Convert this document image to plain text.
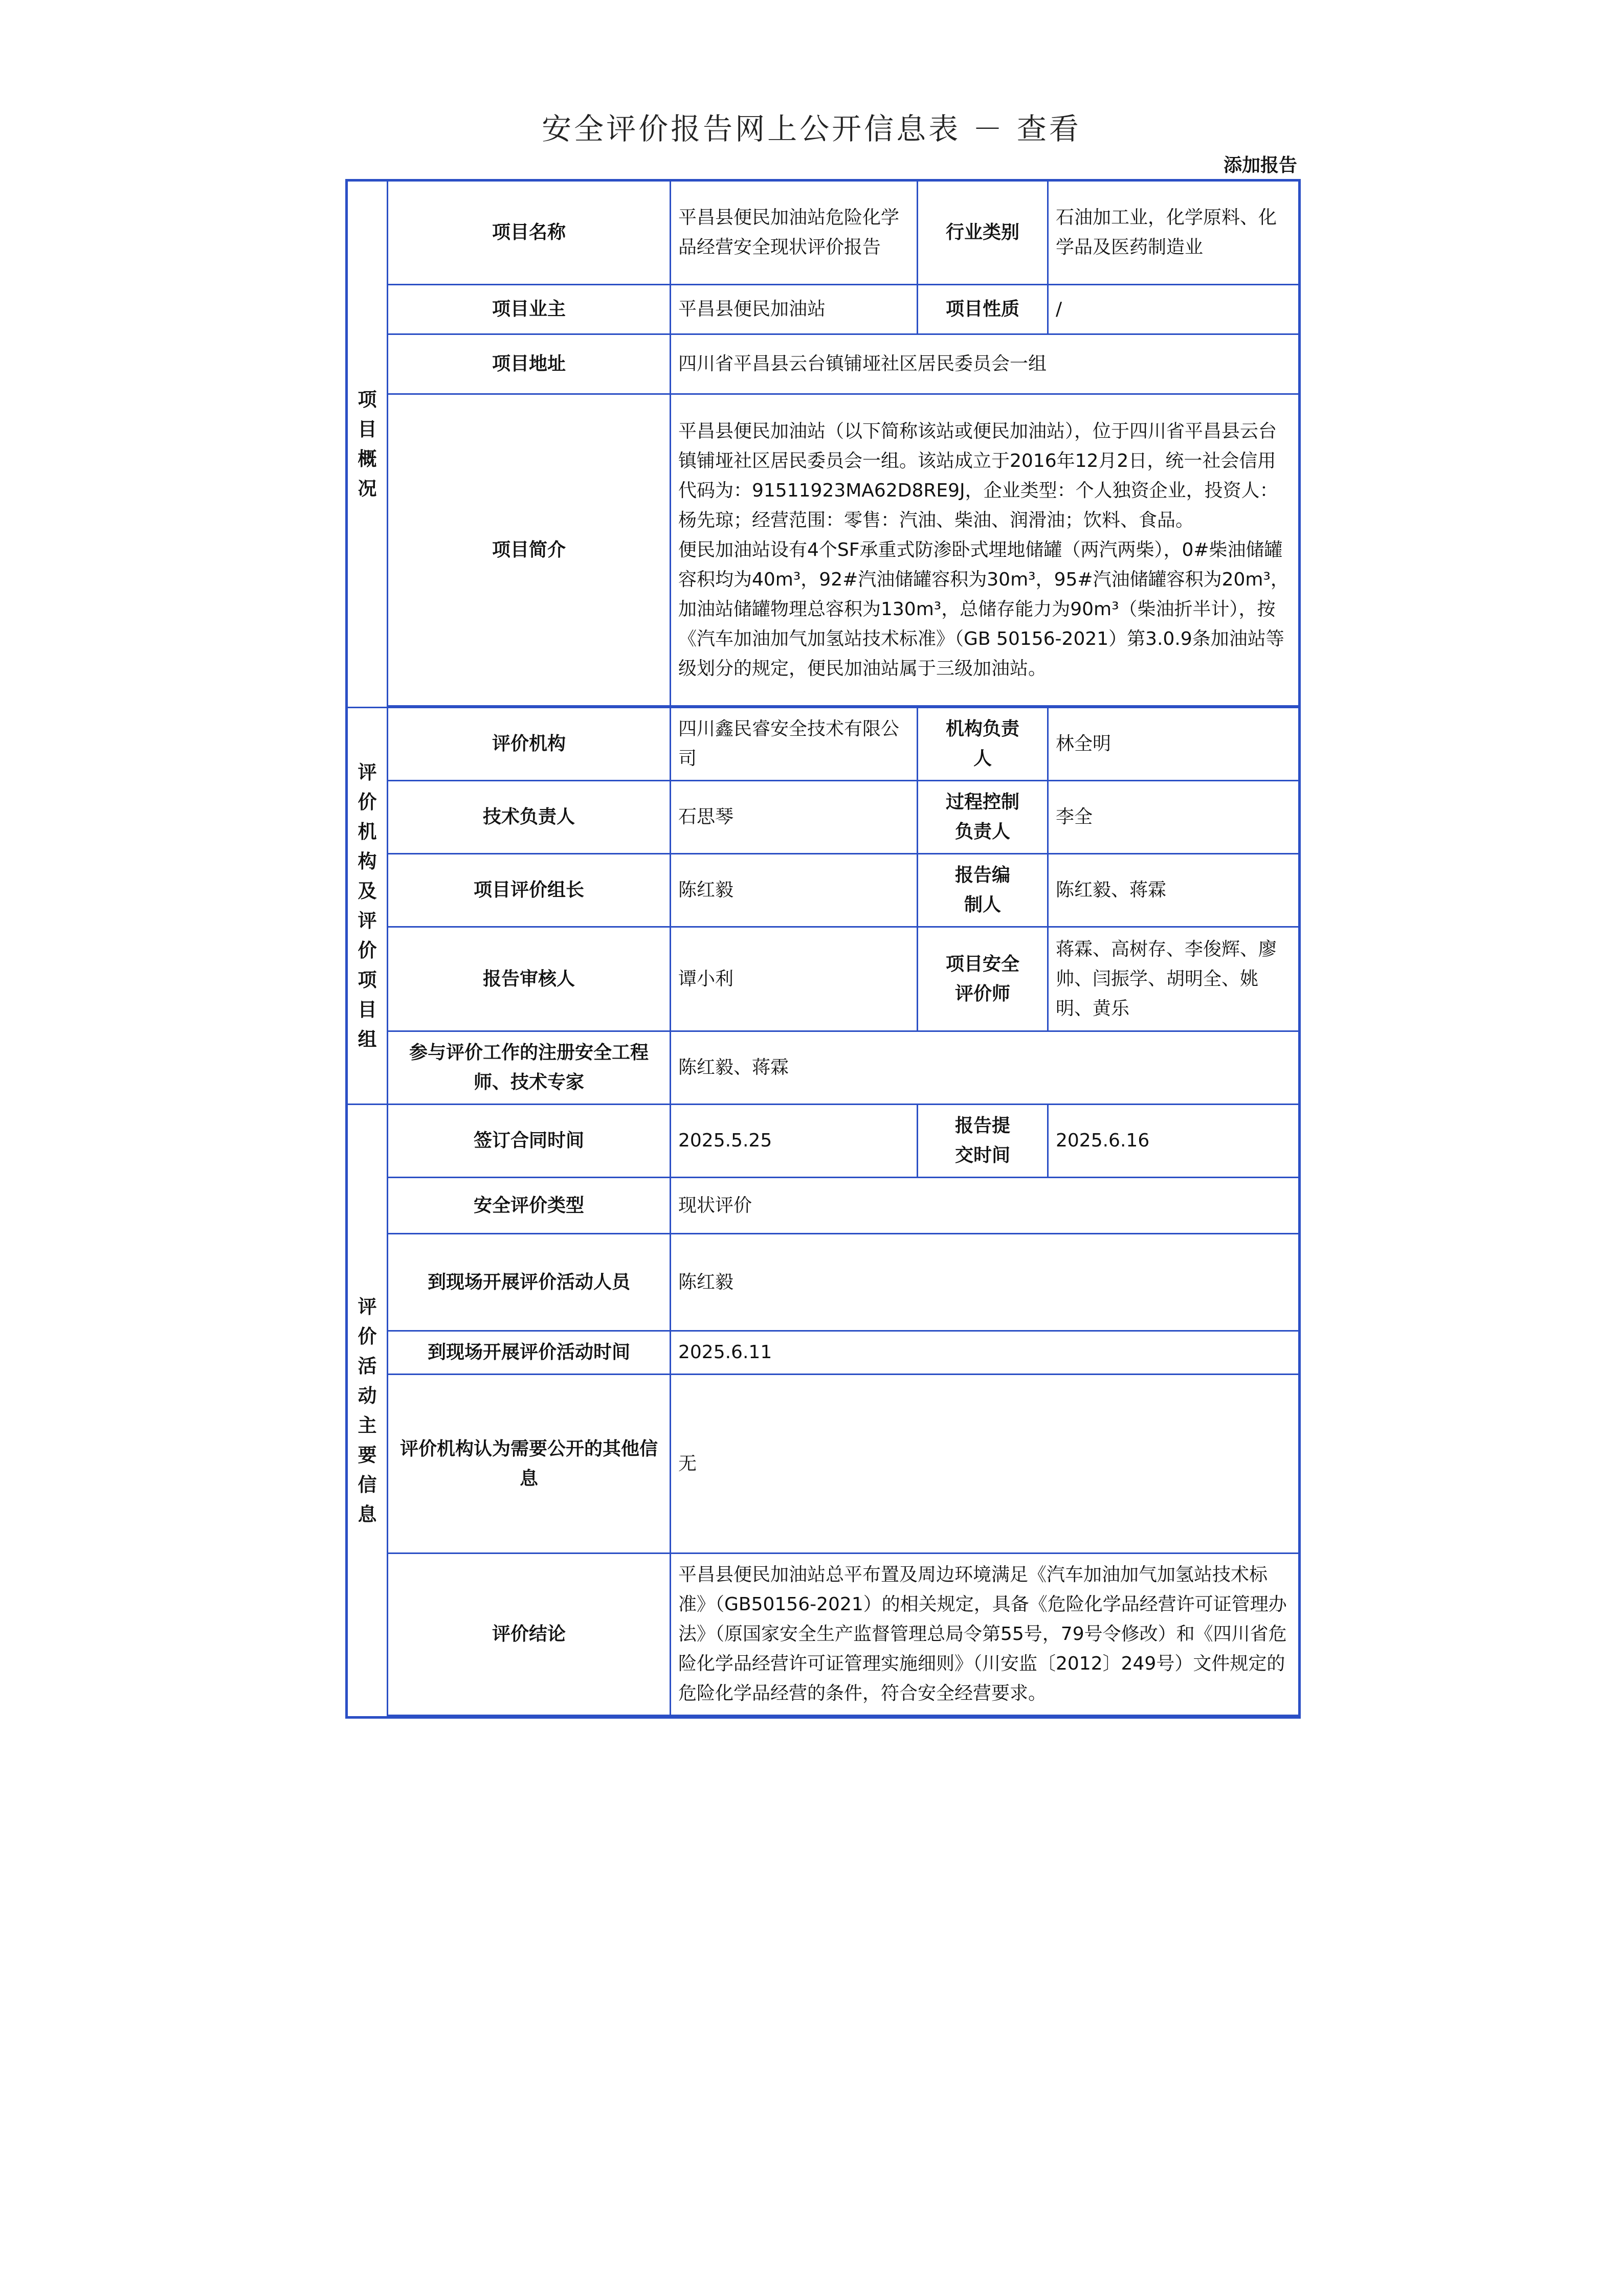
安全评价报告网上公开信息表 － 查看
添加报告
项目概况	项目名称	平昌县便民加油站危险化学品经营安全现状评价报告	行业类别	石油加工业，化学原料、化学品及医药制造业
	项目业主	平昌县便民加油站	项目性质	/
	项目地址	四川省平昌县云台镇铺垭社区居民委员会一组		
	项目简介	平昌县便民加油站（以下简称该站或便民加油站），位于四川省平昌县云台镇铺垭社区居民委员会一组。该站成立于2016年12月2日，统一社会信用代码为：91511923MA62D8RE9J，企业类型：个人独资企业，投资人：杨先琼；经营范围：零售：汽油、柴油、润滑油；饮料、食品。
便民加油站设有4个SF承重式防渗卧式埋地储罐（两汽两柴），0#柴油储罐容积均为40m³，92#汽油储罐容积为30m³，95#汽油储罐容积为20m³，加油站储罐物理总容积为130m³，总储存能力为90m³（柴油折半计），按《汽车加油加气加氢站技术标准》（GB 50156-2021）第3.0.9条加油站等级划分的规定，便民加油站属于三级加油站。		

评价机构及评价项目组	评价机构	四川鑫民睿安全技术有限公司	机构负责人	林全明
	技术负责人	石思琴	过程控制负责人	李全
	项目评价组长	陈红毅	报告编制人	陈红毅、蒋霖
	报告审核人	谭小利	项目安全评价师	蒋霖、高树存、李俊辉、廖帅、闫振学、胡明全、姚明、黄乐
	参与评价工作的注册安全工程师、技术专家	陈红毅、蒋霖		
评价活动主要信息	签订合同时间	2025.5.25	报告提交时间	2025.6.16
	安全评价类型	现状评价		
	到现场开展评价活动人员	陈红毅		
	到现场开展评价活动时间	2025.6.11		
	评价机构认为需要公开的其他信息	无		
	评价结论	平昌县便民加油站总平布置及周边环境满足《汽车加油加气加氢站技术标准》（GB50156-2021）的相关规定，具备《危险化学品经营许可证管理办法》（原国家安全生产监督管理总局令第55号，79号令修改）和《四川省危险化学品经营许可证管理实施细则》（川安监〔2012〕249号）文件规定的危险化学品经营的条件，符合安全经营要求。		
